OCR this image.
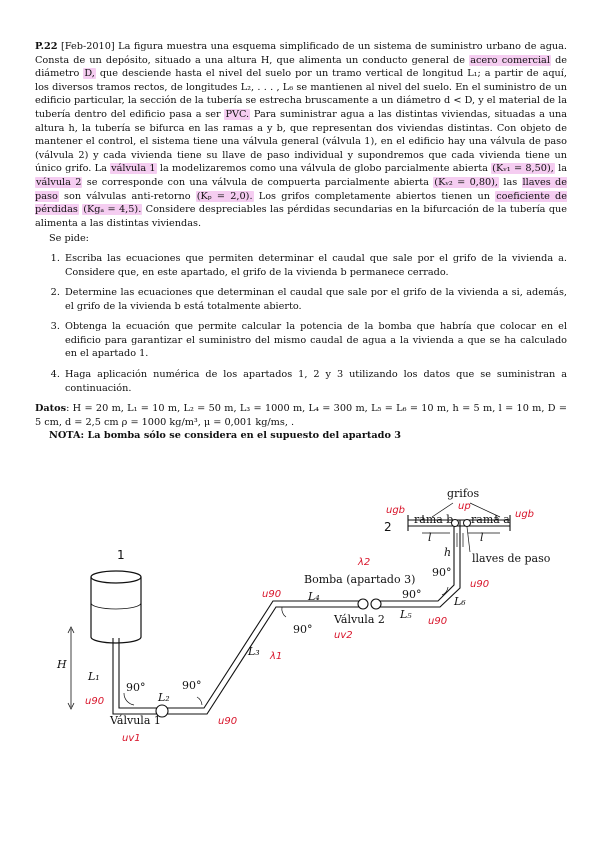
P.22 [Feb-2010] La figura muestra una esquema simplificado de un sistema de suministro urbano de agua. Consta de un depósito, situado a una altura H, que alimenta un conducto general de acero comercial de diámetro D, que desciende hasta el nivel del suelo por un tramo vertical de longitud L₁; a partir de aquí, los diversos tramos rectos, de longitudes L₂, . . . , L₆ se mantienen al nivel del suelo. En el suministro de un edificio particular, la sección de la tubería se estrecha bruscamente a un diámetro d < D, y el material de la tubería dentro del edificio pasa a ser PVC. Para suministrar agua a las distintas viviendas, situadas a una altura h, la tubería se bifurca en las ramas a y b, que representan dos viviendas distintas. Con objeto de mantener el control, el sistema tiene una válvula general (válvula 1), en el edificio hay una válvula de paso (válvula 2) y cada vivienda tiene su llave de paso individual y supondremos que cada vivienda tiene un único grifo. La válvula 1 la modelizaremos como una válvula de globo parcialmente abierta (Kᵥ₁ = 8,50), la válvula 2 se corresponde con una válvula de compuerta parcialmente abierta (Kᵥ₂ = 0,80), las llaves de paso son válvulas anti-retorno (Kₚ = 2,0). Los grifos completamente abiertos tienen un coeficiente de pérdidas (Kgₐ = 4,5). Considere despreciables las pérdidas secundarias en la bifurcación de la tubería que alimenta a las distintas viviendas.

Se pide:

1. Escriba las ecuaciones que permiten determinar el caudal que sale por el grifo de la vivienda a. Considere que, en este apartado, el grifo de la vivienda b permanece cerrado.
2. Determine las ecuaciones que determinan el caudal que sale por el grifo de la vivienda a si, además, el grifo de la vivienda b está totalmente abierto.
3. Obtenga la ecuación que permite calcular la potencia de la bomba que habría que colocar en el edificio para garantizar el suministro del mismo caudal de agua a la vivienda a que se ha calculado en el apartado 1.
4. Haga aplicación numérica de los apartados 1, 2 y 3 utilizando los datos que se suministran a continuación.

Datos: H = 20 m, L₁ = 10 m, L₂ = 50 m, L₃ = 1000 m, L₄ = 300 m, L₅ = L₆ = 10 m, h = 5 m, l = 10 m, D = 5 cm, d = 2,5 cm ρ = 1000 kg/m³, μ = 0,001 kg/ms, .

NOTA: La bomba sólo se considera en el supuesto del apartado 3

H
L₁
L₂
L₃
L₄
L₅
L₆
h
l	l
90°	90°
90°
90°
90°
Válvula 1
Válvula 2
Bomba (apartado 3)
grifos
rama b rama a
llaves de paso
1
2
ugb	up
ugb
λ2
λ1
u90
u90
u90
u90
u90
uv1
uv2
